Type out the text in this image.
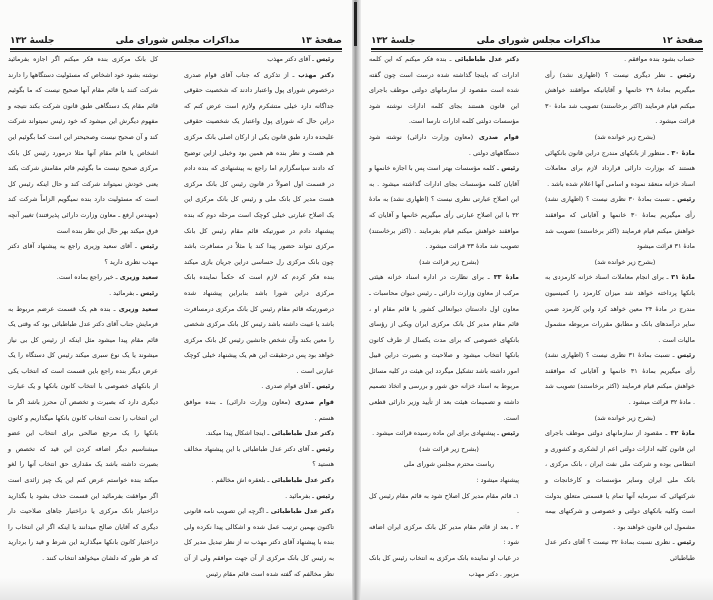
صفحهٔ ۱۳
مذاکرات مجلس شورای ملی
جلسهٔ ۱۳۲

رئیس ـ آقای دکتر مهذب

دکتر مهذب ـ از تذکری که جناب آقای قوام صدری درخصوص شورای پول واعتبار دادند که شخصیت حقوقی جداگانه دارد خیلی متشکرم ولازم است عرض کنم که دراین حال که شورای پول واعتبار یک شخصیت حقوقی علیحده دارد طبق قانون یکی از ارکان اصلی بانک مرکزی هم هست و نظر بنده هم همین بود وخیلی ازاین توضیح که دادند سپاسگزارم اما راجع به پیشنهادی که بنده دادم در قسمت اول اصولاً در قانون رئیس کل بانک مرکزی هست مدیر کل بانک ملی و رئیس کل بانک مرکزی این یک اصلاح عبارتی خیلی کوچک است مرحله دوم که بنده پیشنهاد دادم در صورتیکه قائم مقام رئیس کل بانک مرکزی نتواند حضور پیدا کند یا مثلاً در مسافرت باشد چون بانک مرکزی رل حساسی دراین جریان بازی میکند بنده فکر کردم که لازم است که حکماً نماینده بانک مرکزی دراین شورا باشد بنابراین پیشنهاد شده درصورتیکه قائم مقام رئیس کل بانک مرکزی درمسافرت باشد یا غیبت داشته باشد رئیس کل بانک مرکزی شخصی را معین بکند وآن شخص جانشین رئیس کل بانک مرکزی خواهد بود پس درحقیقت این هم یک پیشنهاد خیلی کوچک عبارتی است .

رئیس ـ آقای قوام صدری .

قوام صدری (معاون وزارت دارائی) ـ بنده موافق هستم .

دکتر عدل طباطبائی ـ اینجا اشکال پیدا میکند.

رئیس ـ آقای دکتر عدل طباطبائی با این پیشنهاد مخالف هستید ؟

دکتر عدل طباطبائی ـ بلعقره اش مخالفم .

رئیس ـ بفرمائید .

دکتر عدل طباطبائی ـ اگرچه این تصویب نامه قانونی تاکنون بهمین ترتیب عمل شده و اشکالی پیدا نکرده ولی بنده با پیشنهاد آقای دکتر مهذب نه از نظر تبدیل مدیر کل به رئیس کل بانک مرکزی از آن جهت موافقم ولی از آن نظر مخالفم که گفته شده است قائم مقام رئیس

کل بانک مرکزی بنده فکر میکنم اگر اجازه بفرمائید نوشته بشود خود اشخاص که مسئولیت دستگاهها را دارند شرکت کنند یا قائم مقام آنها صحیح نیست که ما بگوئیم قائم مقام یک دستگاهی طبق قانون شرکت بکند نتیجه و مفهوم دیگرش این میشود که خود رئیس نمیتواند شرکت کند و آن صحیح نیست وصحیحتر این است کما بگوئیم این اشخاص یا قائم مقام آنها مثلا درمورد رئیس کل بانک مرکزی صحیح نیست ما بگوئیم قائم مقامش شرکت بکند یعنی خودش نمیتواند شرکت کند و حال اینکه رئیس کل است که مسئولیت دارد بنده نمیگویم الزاماً شرکت کند (مهندس ارفع ـ معاون وزارت دارائی پذیرفتند) تغییر آنچه فرق میکند بهر حال این نظر بنده است

رئیس ـ آقای سعید وزیری راجع به پیشنهاد آقای دکتر مهذب نظری دارید ؟

سعید وزیری ـ خیر راجع بماده است.

رئیس ـ بفرمائید .

سعید وزیری ـ بنده هم یک قسمت عرضم مربوط به فرمایش جناب آقای دکتر عدل طباطبائی بود که وقتی یک قائم مقام پیدا میشود مثل اینکه از رئیس کل بی نیاز میشوند یا یک نوع سبری میکند رئیس کل دستگاه را یک عرض دیگر بنده راجع باین قسمت است که انتخاب یکی از بانکهای خصوصی با انتخاب کانون بانکها و یک عبارت دیگری دارد که بصیرت و تخصص آن محرز باشد اگر ما این انتخاب را تحت انتخاب کانون بانکها میگذاریم و کانون بانکها را یک مرجع صالحی برای انتخاب این عضو میشناسیم دیگر اضافه کردن این قید که تخصص و بصیرت داشته باشد یک مقداری حق انتخاب آنها را لغو میکند بنده خواستم عرض کنم این یک چیز زائدی است اگر موافقت بفرمائید این قسمت حذف بشود یا بگذارید دراختیار بانک مرکزی یا دراختیار جاهای صلاحیت دار دیگری که آقایان صالح میدانند یا اینکه اگر این انتخاب را دراختیار کانون بانکها میگذارید این شرط و قید را بردارید که هر طور که دلشان میخواهد انتخاب کنند .

صفحهٔ ۱۲
مذاکرات مجلس شورای ملی
جلسهٔ ۱۳۲

حساب بشود بنده موافقم .

رئیس ـ نظر دیگری نیست ؟ (اظهاری نشد) رأی میگیریم بمادهٔ ۲۹ خانمها و آقایانیکه موافقند خواهش میکنم قیام فرمایند (اکثر برخاستند) تصویب شد مادهٔ ۳۰ قرائت میشود .

(بشرح زیر خوانده شد)

مادهٔ ۳۰ ـ منظور از بانکهای مندرج دراین قانون بانکهائی هستند که بوزارت دارائی قرارداد لازم برای معاملات اسناد خزانه منعقد نموده و اسامی آنها اعلام شده باشد .

رئیس ـ نسبت بمادهٔ ۳۰ نظری نیست ؟ (اظهاری نشد) رأی میگیریم بمادهٔ ۳۰ خانمها و آقایانی که موافقند خواهش میکنم قیام فرمایند (اکثر برخاستند) تصویب شد مادهٔ ۳۱ قرائت میشود

(بشرح زیر خوانده شد)

مادهٔ ۳۱ ـ برای انجام معاملات اسناد خزانه کارمزدی به بانکها پرداخته خواهد شد میزان کارمزد را کمیسیون مندرج در مادهٔ ۲۴ معین خواهد کرد واین کارمزد ضمن سایر درآمدهای بانک و مطابق مقررات مربوطه مشمول مالیات است .

رئیس ـ نسبت بمادهٔ ۳۱ نظری نیست ؟ (اظهاری نشد) رأی میگیریم بمادهٔ ۳۱ خانمها و آقایانی که موافقند خواهش میکنم قیام فرمایند (اکثر برخاستند) تصویب شد . مادهٔ ۳۲ قرائت میشود .

(بشرح زیر خوانده شد)

مادهٔ ۳۲ ـ مقصود از سازمانهای دولتی موظف باجرای این قانون کلیه ادارات دولتی اعم از لشکری و کشوری و انتظامی بوده و شرکت ملی نفت ایران ، بانک مرکزی ، بانک ملی ایران وسایر مؤسسات و کارخانجات و شرکتهائی که سرمایه آنها تمام یا قسمتی متعلق بدولت است وکلیه بانکهای دولتی و خصوصی و شرکتهای بیمه مشمول این قانون خواهند بود .

رئیس ـ نظری نسبت بمادهٔ ۳۲ نیست ؟ آقای دکتر عدل طباطبائی

دکتر عدل طباطبائی ـ بنده فکر میکنم که این کلمه ادارات که باینجا گذاشته شده درست است چون گفته شده است مقصود از سازمانهای دولتی موظف باجرای این قانون هستند بجای کلمه ادارات نوشته شود مؤسسات دولتی کلمه ادارات نارسا است.

قوام صدری (معاون وزارت دارائی) نوشته شود دستگاههای دولتی .

رئیس ـ کلمه مؤسسات بهتر است پس با اجازه خانمها و آقایان کلمه مؤسسات بجای ادارات گذاشته میشود . به این اصلاح عبارتی نظری نیست ؟ (اظهاری نشد) به مادهٔ ۳۲ با این اصلاح عبارتی رأی میگیریم خانمها و آقایان که موافقند خواهش میکنم قیام بفرمایند . (اکثر برخاستند) تصویب شد مادهٔ ۳۳ قرائت میشود .

(بشرح زیر قرائت شد)

مادهٔ ۳۳ ـ برای نظارت در اداره اسناد خزانه هیئتی مرکب از معاون وزارت دارائی ـ رئیس دیوان محاسبات ـ معاون اول دادستان دیوانعالی کشور یا قائم مقام او ، قائم مقام مدیر کل بانک مرکزی ایران ویکی از رؤسای بانکهای خصوصی که برای مدت یکسال از طرف کانون بانکها انتخاب میشود و صلاحیت و بصیرت دراین قبیل امور داشته باشد تشکیل میگردد این هیئت در کلیه مسائل مربوط به اسناد خزانه حق شور و بررسی و اتخاذ تصمیم داشته و تصمیمات هیئت بعد از تأیید وزیر دارائی قطعی است.

رئیس ـ پیشنهادی برای این ماده رسیده قرائت میشود .

(بشرح زیر قرائت شد)

ریاست محترم مجلس شورای ملی

پیشنهاد میشود :

۱ـ قائم مقام مدیر کل اصلاح شود به قائم مقام رئیس کل .

۲ ـ بعد از قائم مقام مدیر کل بانک مرکزی ایران اضافه شود :

در غیاب او نماینده بانک مرکزی به انتخاب رئیس کل بانک مزبور . دکتر مهذب
